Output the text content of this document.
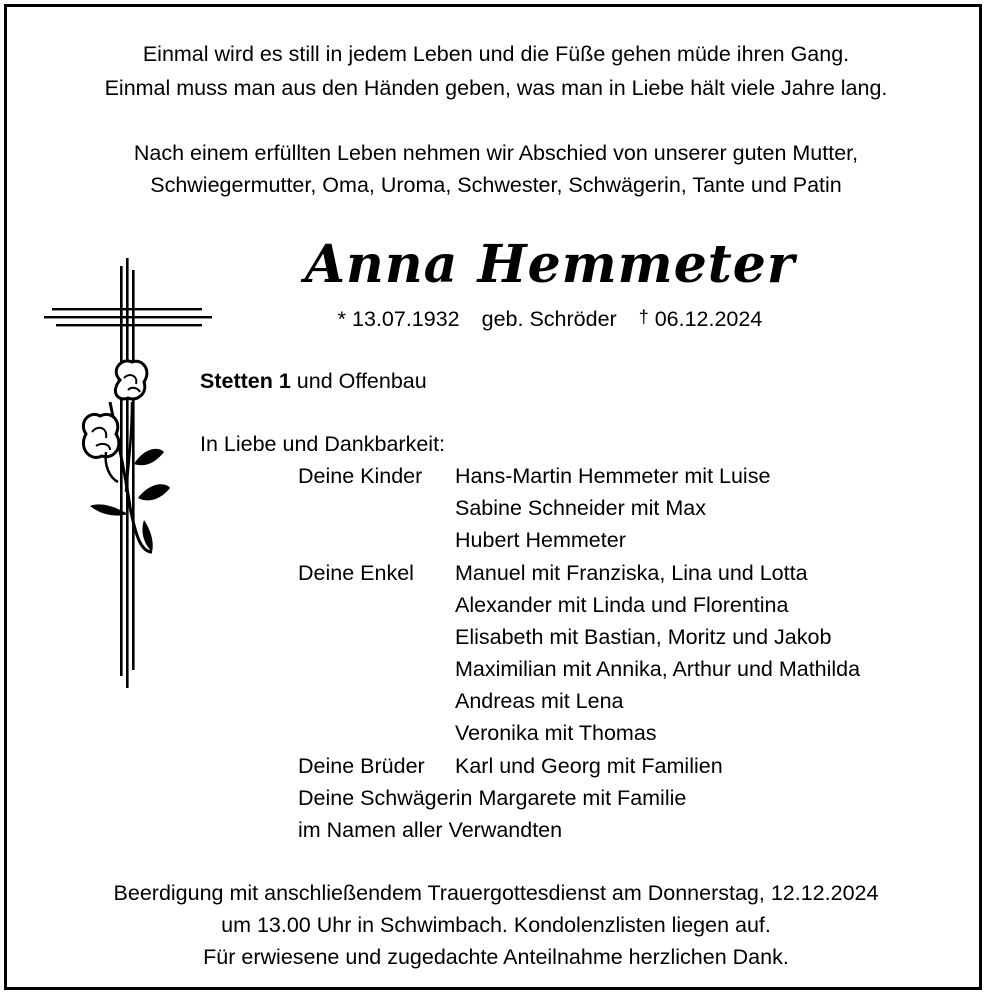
Einmal wird es still in jedem Leben und die Füße gehen müde ihren Gang.
Einmal muss man aus den Händen geben, was man in Liebe hält viele Jahre lang.
Nach einem erfüllten Leben nehmen wir Abschied von unserer guten Mutter,
Schwiegermutter, Oma, Uroma, Schwester, Schwägerin, Tante und Patin
Anna Hemmeter
* 13.07.1932 geb. Schröder † 06.12.2024
Stetten 1 und Offenbau
In Liebe und Dankbarkeit:
Deine Kinder Hans-Martin Hemmeter mit Luise
Sabine Schneider mit Max
Hubert Hemmeter
Deine Enkel Manuel mit Franziska, Lina und Lotta
Alexander mit Linda und Florentina
Elisabeth mit Bastian, Moritz und Jakob
Maximilian mit Annika, Arthur und Mathilda
Andreas mit Lena
Veronika mit Thomas
Deine Brüder Karl und Georg mit Familien
Deine Schwägerin Margarete mit Familie
im Namen aller Verwandten
Beerdigung mit anschließendem Trauergottesdienst am Donnerstag, 12.12.2024
um 13.00 Uhr in Schwimbach. Kondolenzlisten liegen auf.
Für erwiesene und zugedachte Anteilnahme herzlichen Dank.
